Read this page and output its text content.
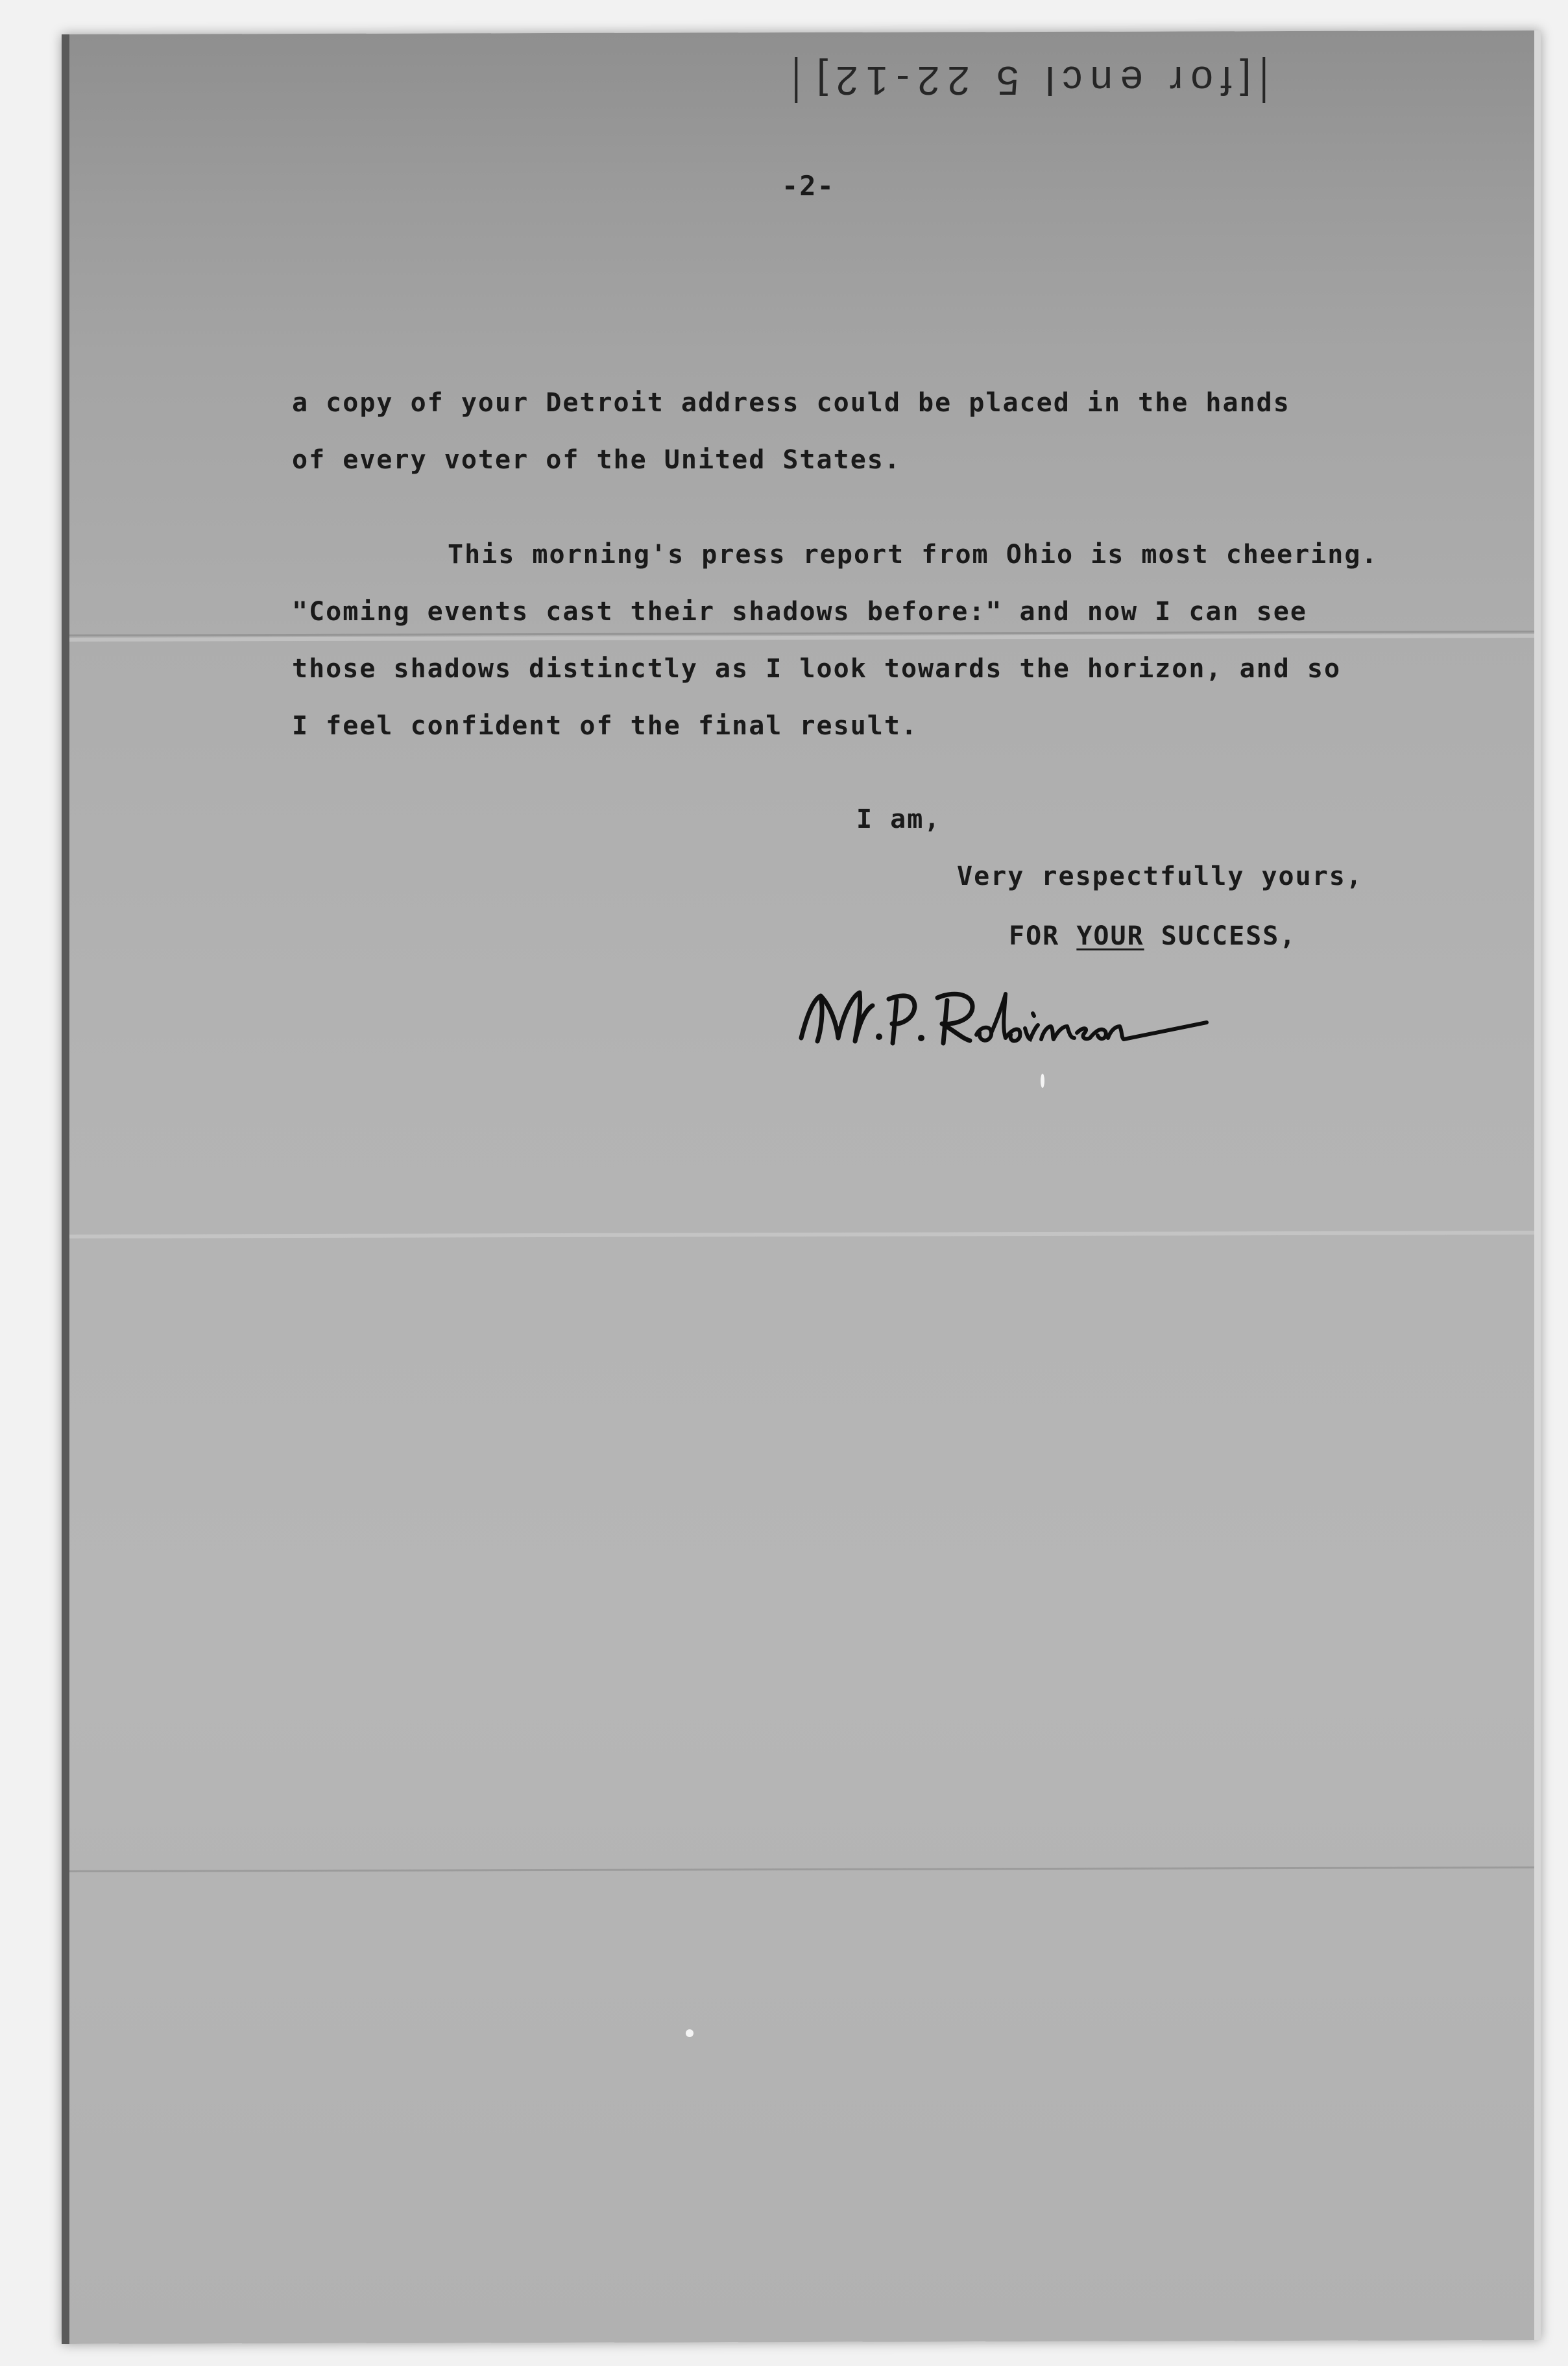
[for encl 5 22-12]
-2-
a copy of your Detroit address could be placed in the hands
of every voter of the United States.
This morning's press report from Ohio is most cheering.
"Coming events cast their shadows before:" and now I can see
those shadows distinctly as I look towards the horizon, and so
I feel confident of the final result.
I am,
Very respectfully yours,
FOR YOUR SUCCESS,
